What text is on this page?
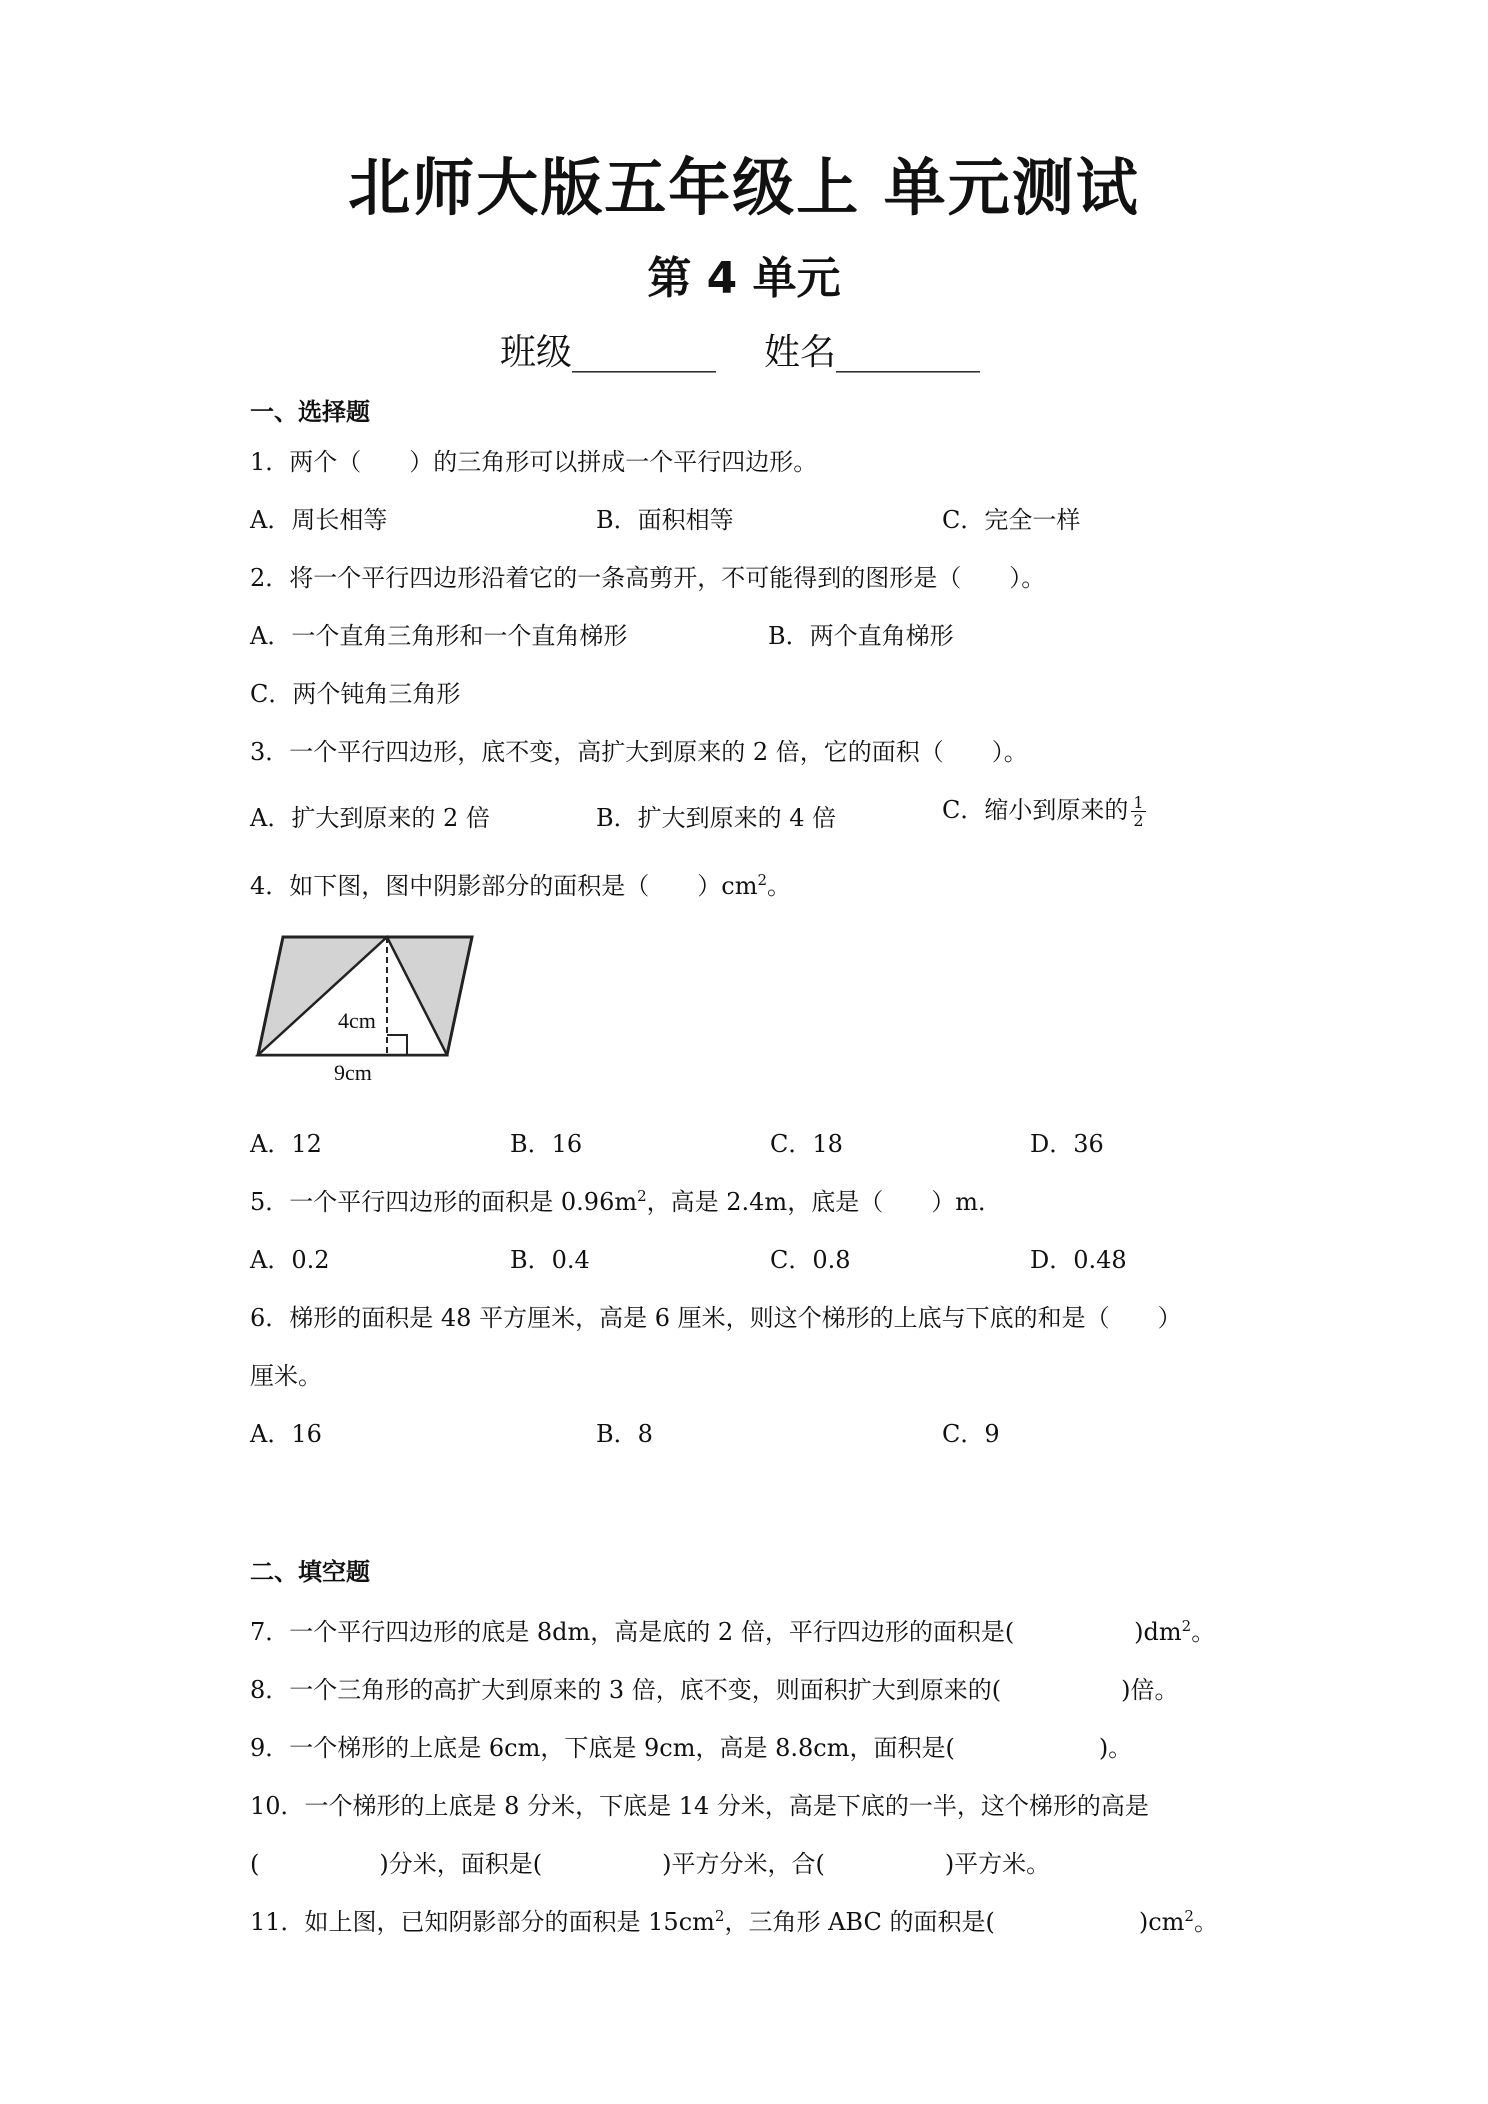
北师大版五年级上 单元测试
第 4 单元
班级________ 姓名________
一、选择题
1．两个（　　）的三角形可以拼成一个平行四边形。
A．周长相等	B．面积相等	C．完全一样
2．将一个平行四边形沿着它的一条高剪开，不可能得到的图形是（　　）。
A．一个直角三角形和一个直角梯形	B．两个直角梯形
C．两个钝角三角形
3．一个平行四边形，底不变，高扩大到原来的 2 倍，它的面积（　　）。
A．扩大到原来的 2 倍	B．扩大到原来的 4 倍	C．缩小到原来的 $\frac{1}{2}$
4．如下图，图中阴影部分的面积是（　　）$cm^2$。
4cm
9cm
A．12	B．16	C．18	D．36
5．一个平行四边形的面积是 $0.96m^2$，高是 2.4m，底是（　　）m．
A．0.2	B．0.4	C．0.8	D．0.48
6．梯形的面积是 48 平方厘米，高是 6 厘米，则这个梯形的上底与下底的和是（　　）
厘米。
A．16	B．8	C．9
二、填空题
7．一个平行四边形的底是 8dm，高是底的 2 倍，平行四边形的面积是(　　　　　)$dm^2$。
8．一个三角形的高扩大到原来的 3 倍，底不变，则面积扩大到原来的(　　　　　)倍。
9．一个梯形的上底是 6cm，下底是 9cm，高是 8.8cm，面积是(　　　　　　)。
10．一个梯形的上底是 8 分米，下底是 14 分米，高是下底的一半，这个梯形的高是
(　　　　　)分米，面积是(　　　　　)平方分米，合(　　　　　)平方米。
11．如上图，已知阴影部分的面积是 $15cm^2$，三角形 ABC 的面积是(　　　　　　)$cm^2$。
